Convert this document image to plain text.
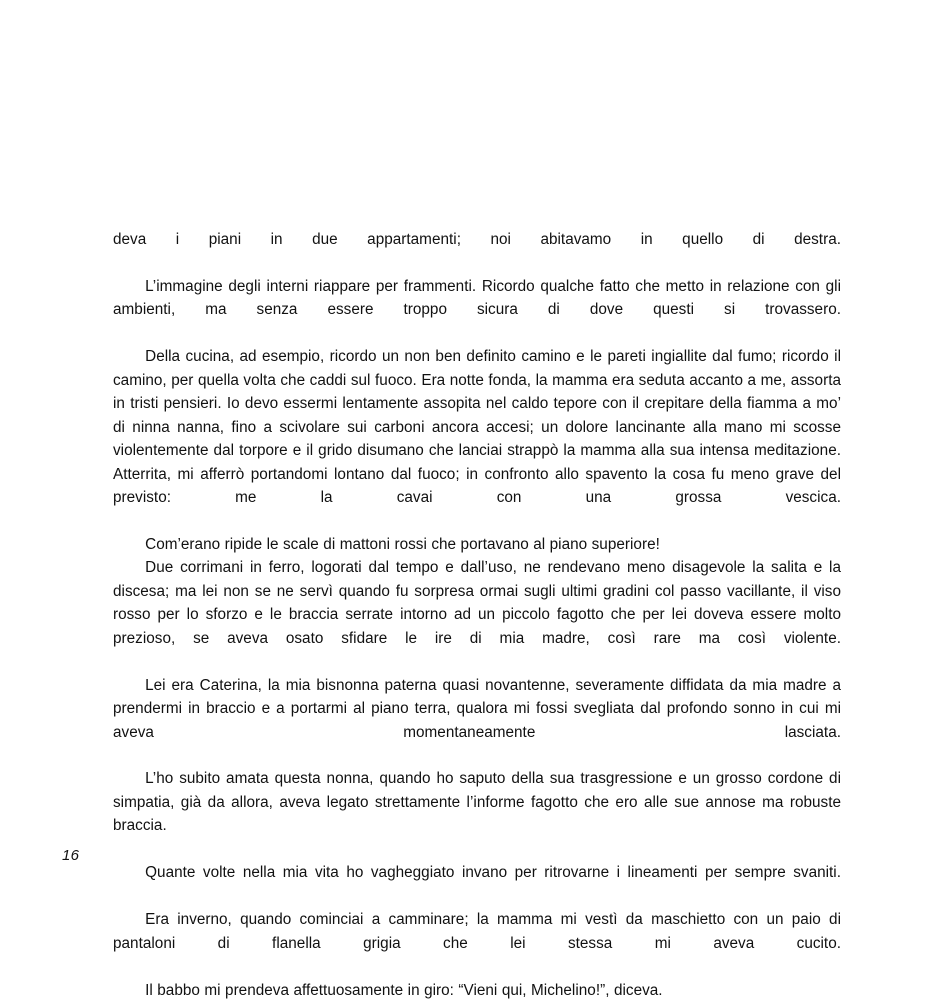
deva i piani in due appartamenti; noi abitavamo in quello di destra.

L’immagine degli interni riappare per frammenti. Ricordo qualche fatto che metto in relazione con gli ambienti, ma senza essere troppo sicura di dove questi si trovassero.

Della cucina, ad esempio, ricordo un non ben definito camino e le pareti ingiallite dal fumo; ricordo il camino, per quella volta che caddi sul fuoco. Era notte fonda, la mamma era seduta accanto a me, assorta in tristi pensieri. Io devo essermi lentamente assopita nel caldo tepore con il crepitare della fiamma a mo’ di ninna nanna, fino a scivolare sui carboni ancora accesi; un dolore lancinante alla mano mi scosse violentemente dal torpore e il grido disumano che lanciai strappò la mamma alla sua intensa meditazione. Atterrita, mi afferrò portandomi lontano dal fuoco; in confronto allo spavento la cosa fu meno grave del previsto: me la cavai con una grossa vescica.

Com’erano ripide le scale di mattoni rossi che portavano al piano superiore!

Due corrimani in ferro, logorati dal tempo e dall’uso, ne rendevano meno disagevole la salita e la discesa; ma lei non se ne servì quando fu sorpresa ormai sugli ultimi gradini col passo vacillante, il viso rosso per lo sforzo e le braccia serrate intorno ad un piccolo fagotto che per lei doveva essere molto prezioso, se aveva osato sfidare le ire di mia madre, così rare ma così violente.

Lei era Caterina, la mia bisnonna paterna quasi novantenne, severamente diffidata da mia madre a prendermi in braccio e a portarmi al piano terra, qualora mi fossi svegliata dal profondo sonno in cui mi aveva momentaneamente lasciata.

L’ho subito amata questa nonna, quando ho saputo della sua trasgressione e un grosso cordone di simpatia, già da allora, aveva legato strettamente l’informe fagotto che ero alle sue annose ma robuste braccia.

Quante volte nella mia vita ho vagheggiato invano per ritrovarne i lineamenti per sempre svaniti.

Era inverno, quando cominciai a camminare; la mamma mi vestì da maschietto con un paio di pantaloni di flanella grigia che lei stessa mi aveva cucito.

Il babbo mi prendeva affettuosamente in giro: “Vieni qui, Michelino!”, diceva.

16
